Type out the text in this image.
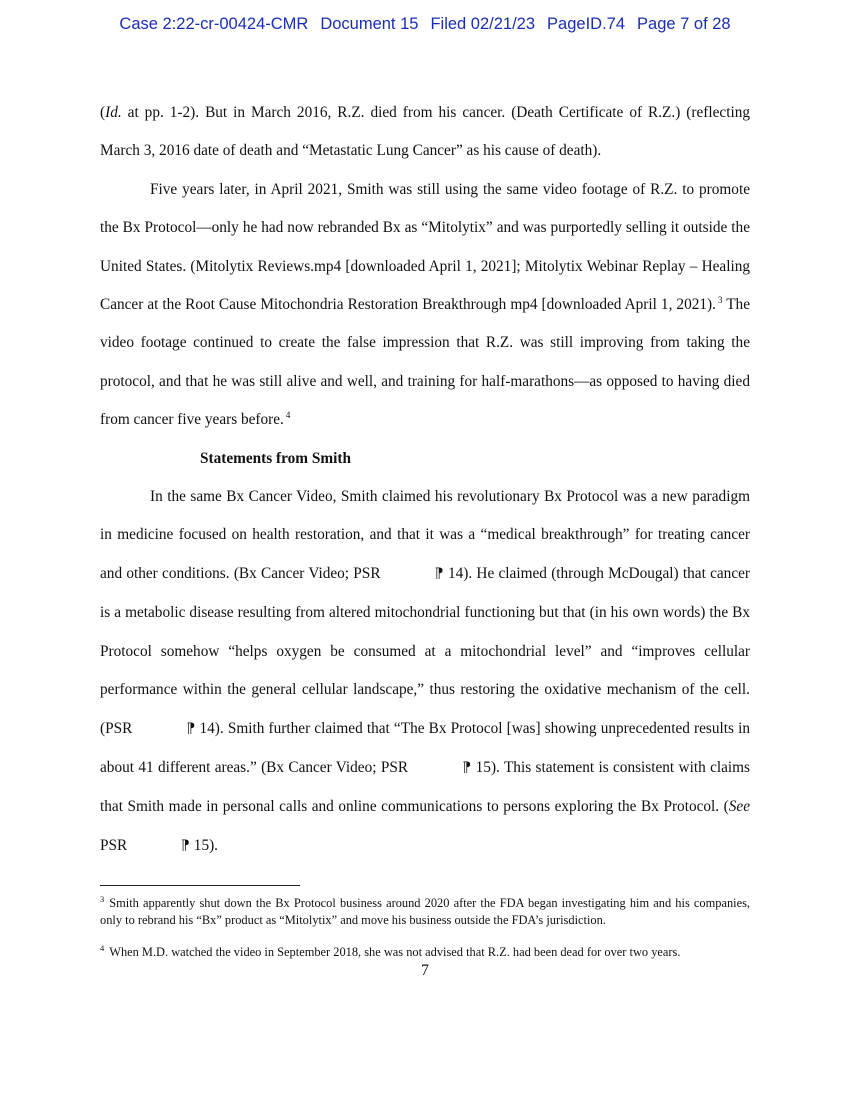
Case 2:22-cr-00424-CMR Document 15 Filed 02/21/23 PageID.74 Page 7 of 28

(Id. at pp. 1-2). But in March 2016, R.Z. died from his cancer. (Death Certificate of R.Z.) (reflecting March 3, 2016 date of death and “Metastatic Lung Cancer” as his cause of death).

Five years later, in April 2021, Smith was still using the same video footage of R.Z. to promote the Bx Protocol—only he had now rebranded Bx as “Mitolytix” and was purportedly selling it outside the United States. (Mitolytix Reviews.mp4 [downloaded April 1, 2021]; Mitolytix Webinar Replay – Healing Cancer at the Root Cause Mitochondria Restoration Breakthrough mp4 [downloaded April 1, 2021). $^3$ The video footage continued to create the false impression that R.Z. was still improving from taking the protocol, and that he was still alive and well, and training for half-marathons—as opposed to having died from cancer five years before. $^4$

Statements from Smith

In the same Bx Cancer Video, Smith claimed his revolutionary Bx Protocol was a new paradigm in medicine focused on health restoration, and that it was a “medical breakthrough” for treating cancer and other conditions. (Bx Cancer Video; PSR	⁋ 14). He claimed (through McDougal) that cancer is a metabolic disease resulting from altered mitochondrial functioning but that (in his own words) the Bx Protocol somehow “helps oxygen be consumed at a mitochondrial level” and “improves cellular performance within the general cellular landscape,” thus restoring the oxidative mechanism of the cell. (PSR	⁋ 14). Smith further claimed that “The Bx Protocol [was] showing unprecedented results in about 41 different areas.” (Bx Cancer Video; PSR	⁋ 15). This statement is consistent with claims that Smith made in personal calls and online communications to persons exploring the Bx Protocol. (See PSR	⁋ 15).

$^3$ Smith apparently shut down the Bx Protocol business around 2020 after the FDA began investigating him and his companies, only to rebrand his “Bx” product as “Mitolytix” and move his business outside the FDA’s jurisdiction.

$^4$ When M.D. watched the video in September 2018, she was not advised that R.Z. had been dead for over two years.

7
